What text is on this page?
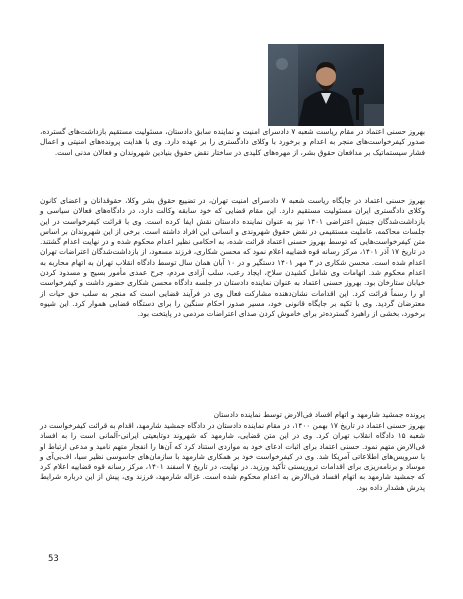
بهروز حسنی اعتماد در مقام ریاست شعبه ۷ دادسرای امنیت و نماینده سابق دادستان، مسئولیت مستقیم بازداشت‌های گسترده، صدور کیفرخواست‌های منجر به اعدام و برخورد با وکلای دادگستری را بر عهده دارد. وی با هدایت پرونده‌های امنیتی و اعمال فشار سیستماتیک بر مدافعان حقوق بشر، از مهره‌های کلیدی در ساختار نقض حقوق بنیادین شهروندان و فعالان مدنی است.

بهروز حسنی اعتماد در جایگاه ریاست شعبه ۷ دادسرای امنیت تهران، در تضییع حقوق بشر وکلا، حقوقدانان و اعضای کانون وکلای دادگستری ایران مسئولیت مستقیم دارد. این مقام قضایی که خود سابقه وکالت دارد، در دادگاه‌های فعالان سیاسی و بازداشت‌شدگان جنبش اعتراضی ۱۴۰۱ نیز به عنوان نماینده دادستان نقش ایفا کرده است. وی با قرائت کیفرخواست در این جلسات محاکمه، عاملیت مستقیمی در نقض حقوق شهروندی و انسانی این افراد داشته است. برخی از این شهروندان بر اساس متن کیفرخواست‌هایی که توسط بهروز حسنی اعتماد قرائت شده، به احکامی نظیر اعدام محکوم شده و در نهایت اعدام گشتند. در تاریخ ۱۷ آذر ۱۴۰۱، مرکز رسانه قوه قضاییه اعلام نمود که محسن شکاری، فرزند مسعود، از بازداشت‌شدگان اعتراضات تهران اعدام شده است. محسن شکاری در ۳ مهر ۱۴۰۱ دستگیر و در ۱۰ آبان همان سال توسط دادگاه انقلاب تهران به اتهام محاربه به اعدام محکوم شد. اتهامات وی شامل کشیدن سلاح، ایجاد رعب، سلب آزادی مردم، جرح عمدی مأمور بسیج و مسدود کردن خیابان ستارخان بود. بهروز حسنی اعتماد به عنوان نماینده دادستان در جلسه دادگاه محسن شکاری حضور داشت و کیفرخواست او را رسماً قرائت کرد. این اقدامات نشان‌دهنده مشارکت فعال وی در فرآیند قضایی است که منجر به سلب حق حیات از معترضان گردید. وی با تکیه بر جایگاه قانونی خود، مسیر صدور احکام سنگین را برای دستگاه قضایی هموار کرد. این شیوه برخورد، بخشی از راهبرد گسترده‌تر برای خاموش کردن صدای اعتراضات مردمی در پایتخت بود.

پرونده جمشید شارمهد و اتهام افساد فی‌الارض توسط نماینده دادستان

بهروز حسنی اعتماد در تاریخ ۱۷ بهمن ۱۴۰۰، در مقام نماینده دادستان در دادگاه جمشید شارمهد، اقدام به قرائت کیفرخواست در شعبه ۱۵ دادگاه انقلاب تهران کرد. وی در این متن قضایی، شارمهد که شهروند دوتابعیتی ایرانی-آلمانی است را به افساد فی‌الارض متهم نمود. حسنی اعتماد برای اثبات ادعای خود به مواردی استناد کرد که آن‌ها را انفجار متهم نامید و مدعی ارتباط او با سرویس‌های اطلاعاتی آمریکا شد. وی در کیفرخواست خود بر همکاری شارمهد با سازمان‌های جاسوسی نظیر سیا، اف‌بی‌آی و موساد و برنامه‌ریزی برای اقدامات تروریستی تأکید ورزید. در نهایت، در تاریخ ۷ اسفند ۱۴۰۱، مرکز رسانه قوه قضاییه اعلام کرد که جمشید شارمهد به اتهام افساد فی‌الارض به اعدام محکوم شده است. غزاله شارمهد، فرزند وی، پیش از این درباره شرایط پدرش هشدار داده بود.

53
